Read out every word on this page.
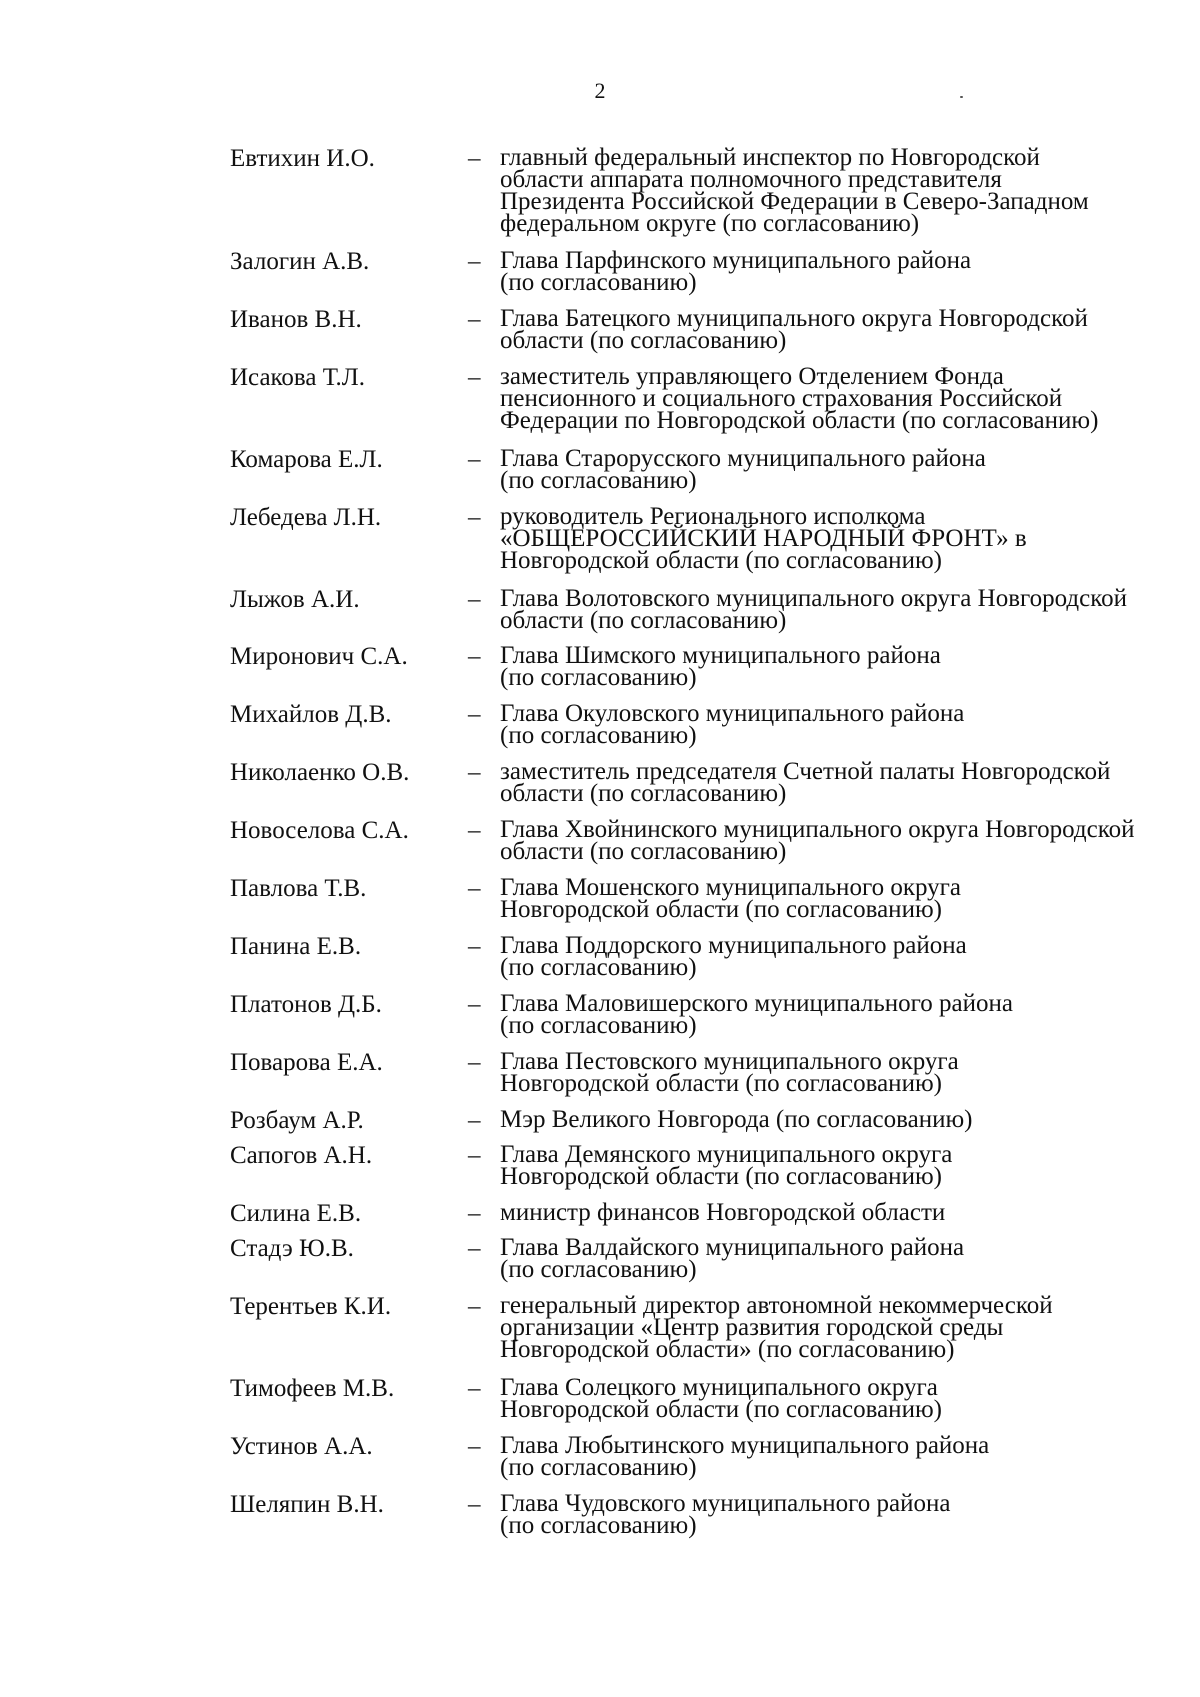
2
Евтихин И.О.	– главный федеральный инспектор по Новгородской
области аппарата полномочного представителя
Президента Российской Федерации в Северо-Западном
федеральном округе (по согласованию)
Залогин А.В.	– Глава Парфинского муниципального района
(по согласованию)
Иванов В.Н.	– Глава Батецкого муниципального округа Новгородской
области (по согласованию)
Исакова Т.Л.	– заместитель управляющего Отделением Фонда
пенсионного и социального страхования Российской
Федерации по Новгородской области (по согласованию)
Комарова Е.Л.	– Глава Старорусского муниципального района
(по согласованию)
Лебедева Л.Н.	– руководитель Регионального исполкома
«ОБЩЕРОССИЙСКИЙ НАРОДНЫЙ ФРОНТ» в
Новгородской области (по согласованию)
Лыжов А.И.	– Глава Волотовского муниципального округа Новгородской
области (по согласованию)
Миронович С.А. – Глава Шимского муниципального района
(по согласованию)
Михайлов Д.В.	– Глава Окуловского муниципального района
(по согласованию)
Николаенко О.В. – заместитель председателя Счетной палаты Новгородской
области (по согласованию)
Новоселова С.А. – Глава Хвойнинского муниципального округа Новгородской
области (по согласованию)
Павлова Т.В.	– Глава Мошенского муниципального округа
Новгородской области (по согласованию)
Панина Е.В.	– Глава Поддорского муниципального района
(по согласованию)
Платонов Д.Б.	– Глава Маловишерского муниципального района
(по согласованию)
Поварова Е.А.	– Глава Пестовского муниципального округа
Новгородской области (по согласованию)
Розбаум А.Р.	– Мэр Великого Новгорода (по согласованию)
Сапогов А.Н.	– Глава Демянского муниципального округа
Новгородской области (по согласованию)
Силина Е.В.	– министр финансов Новгородской области
Стадэ Ю.В.	– Глава Валдайского муниципального района
(по согласованию)
Терентьев К.И.	– генеральный директор автономной некоммерческой
организации «Центр развития городской среды
Новгородской области» (по согласованию)
Тимофеев М.В.	– Глава Солецкого муниципального округа
Новгородской области (по согласованию)
Устинов А.А.	– Глава Любытинского муниципального района
(по согласованию)
Шеляпин В.Н.	– Глава Чудовского муниципального района
(по согласованию)
